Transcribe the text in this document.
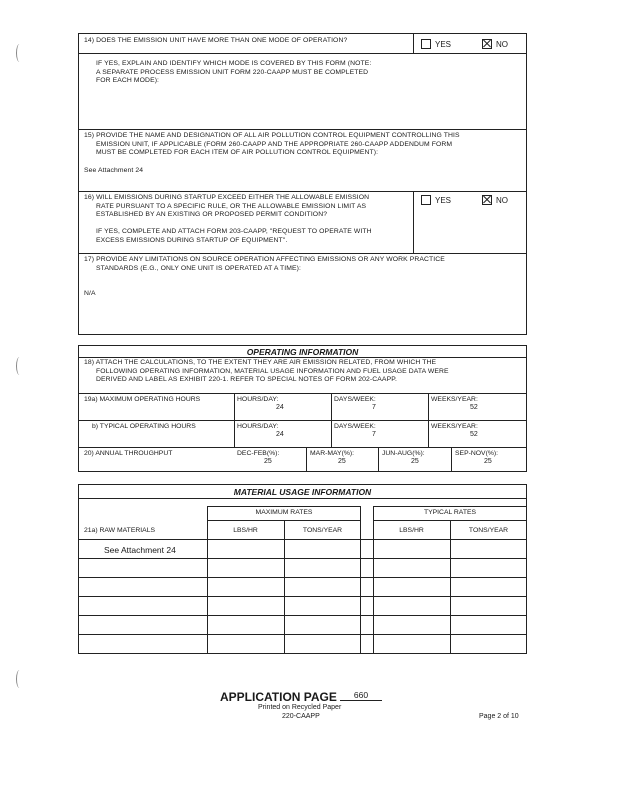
14) DOES THE EMISSION UNIT HAVE MORE THAN ONE MODE OF OPERATION?	YES	NO
IF YES, EXPLAIN AND IDENTIFY WHICH MODE IS COVERED BY THIS FORM (NOTE:
A SEPARATE PROCESS EMISSION UNIT FORM 220-CAAPP MUST BE COMPLETED
FOR EACH MODE):
15) PROVIDE THE NAME AND DESIGNATION OF ALL AIR POLLUTION CONTROL EQUIPMENT CONTROLLING THIS
EMISSION UNIT, IF APPLICABLE (FORM 260-CAAPP AND THE APPROPRIATE 260-CAAPP ADDENDUM FORM
MUST BE COMPLETED FOR EACH ITEM OF AIR POLLUTION CONTROL EQUIPMENT):
See Attachment 24
16) WILL EMISSIONS DURING STARTUP EXCEED EITHER THE ALLOWABLE EMISSION
RATE PURSUANT TO A SPECIFIC RULE, OR THE ALLOWABLE EMISSION LIMIT AS
ESTABLISHED BY AN EXISTING OR PROPOSED PERMIT CONDITION?
IF YES, COMPLETE AND ATTACH FORM 203-CAAPP, "REQUEST TO OPERATE WITH
EXCESS EMISSIONS DURING STARTUP OF EQUIPMENT".
YES	NO
17) PROVIDE ANY LIMITATIONS ON SOURCE OPERATION AFFECTING EMISSIONS OR ANY WORK PRACTICE
STANDARDS (E.G., ONLY ONE UNIT IS OPERATED AT A TIME):
N/A
OPERATING INFORMATION
18) ATTACH THE CALCULATIONS, TO THE EXTENT THEY ARE AIR EMISSION RELATED, FROM WHICH THE
FOLLOWING OPERATING INFORMATION, MATERIAL USAGE INFORMATION AND FUEL USAGE DATA WERE
DERIVED AND LABEL AS EXHIBIT 220-1. REFER TO SPECIAL NOTES OF FORM 202-CAAPP.
19a) MAXIMUM OPERATING HOURS	HOURS/DAY:
24
DAYS/WEEK:
7
WEEKS/YEAR:
52
b) TYPICAL OPERATING HOURS	HOURS/DAY:
24
DAYS/WEEK:
7
WEEKS/YEAR:
52
20) ANNUAL THROUGHPUT	DEC-FEB(%):
25
MAR-MAY(%):
25
JUN-AUG(%):
25
SEP-NOV(%):
25
MATERIAL USAGE INFORMATION
MAXIMUM RATES	TYPICAL RATES
21a) RAW MATERIALS	LBS/HR	TONS/YEAR	LBS/HR	TONS/YEAR
See Attachment 24
APPLICATION PAGE	660
Printed on Recycled Paper
220-CAAPP	Page 2 of 10
